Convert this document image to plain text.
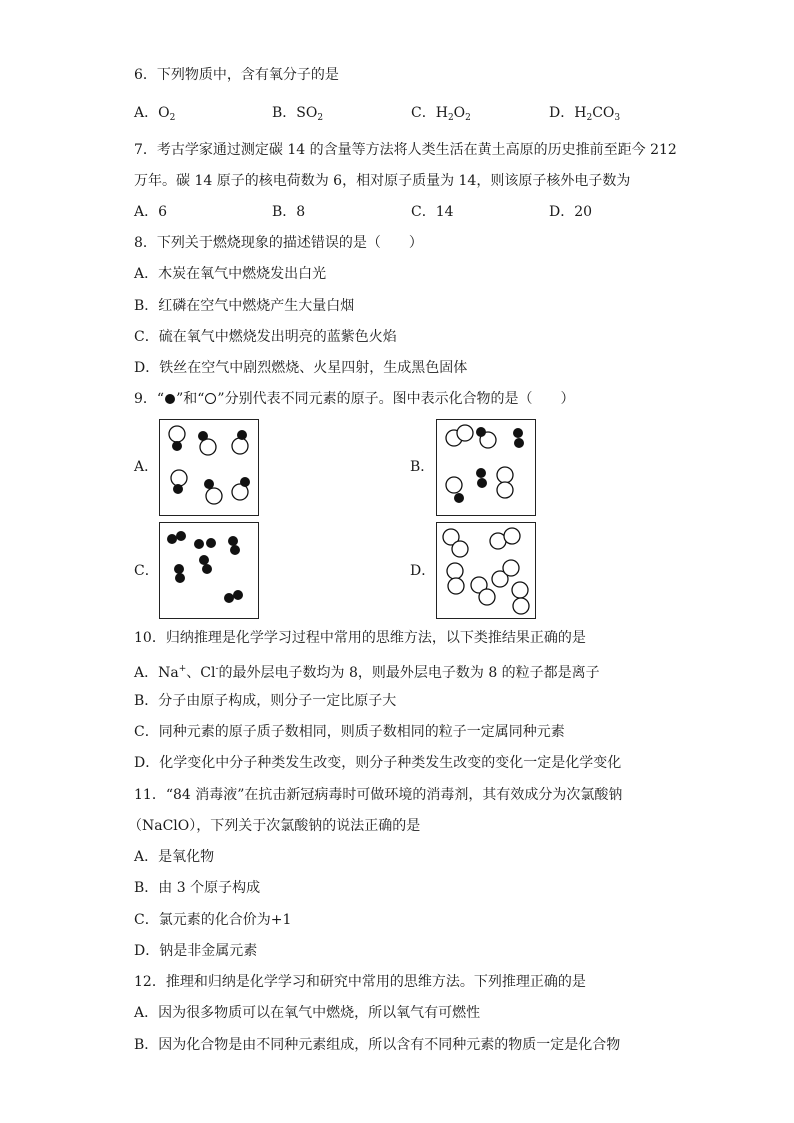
6．下列物质中，含有氧分子的是
A．$O_2$	B．$SO_2$	C．$H_2O_2$	D．$H_2CO_3$
7．考古学家通过测定碳 14 的含量等方法将人类生活在黄土高原的历史推前至距今 212
万年。碳 14 原子的核电荷数为 6，相对原子质量为 14，则该原子核外电子数为
A．6	B．8	C．14	D．20
8．下列关于燃烧现象的描述错误的是（　　）
A．木炭在氧气中燃烧发出白光
B．红磷在空气中燃烧产生大量白烟
C．硫在氧气中燃烧发出明亮的蓝紫色火焰
D．铁丝在空气中剧烈燃烧、火星四射，生成黑色固体
9．“ ”和“ ”分别代表不同元素的原子。图中表示化合物的是（　　）
A．	B．
C．	D．
10．归纳推理是化学学习过程中常用的思维方法，以下类推结果正确的是
A．Na+、Cl-的最外层电子数均为 8，则最外层电子数为 8 的粒子都是离子
B．分子由原子构成，则分子一定比原子大
C．同种元素的原子质子数相同，则质子数相同的粒子一定属同种元素
D．化学变化中分子种类发生改变，则分子种类发生改变的变化一定是化学变化
11．“84 消毒液”在抗击新冠病毒时可做环境的消毒剂，其有效成分为次氯酸钠
（NaClO），下列关于次氯酸钠的说法正确的是
A．是氧化物
B．由 3 个原子构成
C．氯元素的化合价为+1
D．钠是非金属元素
12．推理和归纳是化学学习和研究中常用的思维方法。下列推理正确的是
A．因为很多物质可以在氧气中燃烧，所以氧气有可燃性
B．因为化合物是由不同种元素组成，所以含有不同种元素的物质一定是化合物
